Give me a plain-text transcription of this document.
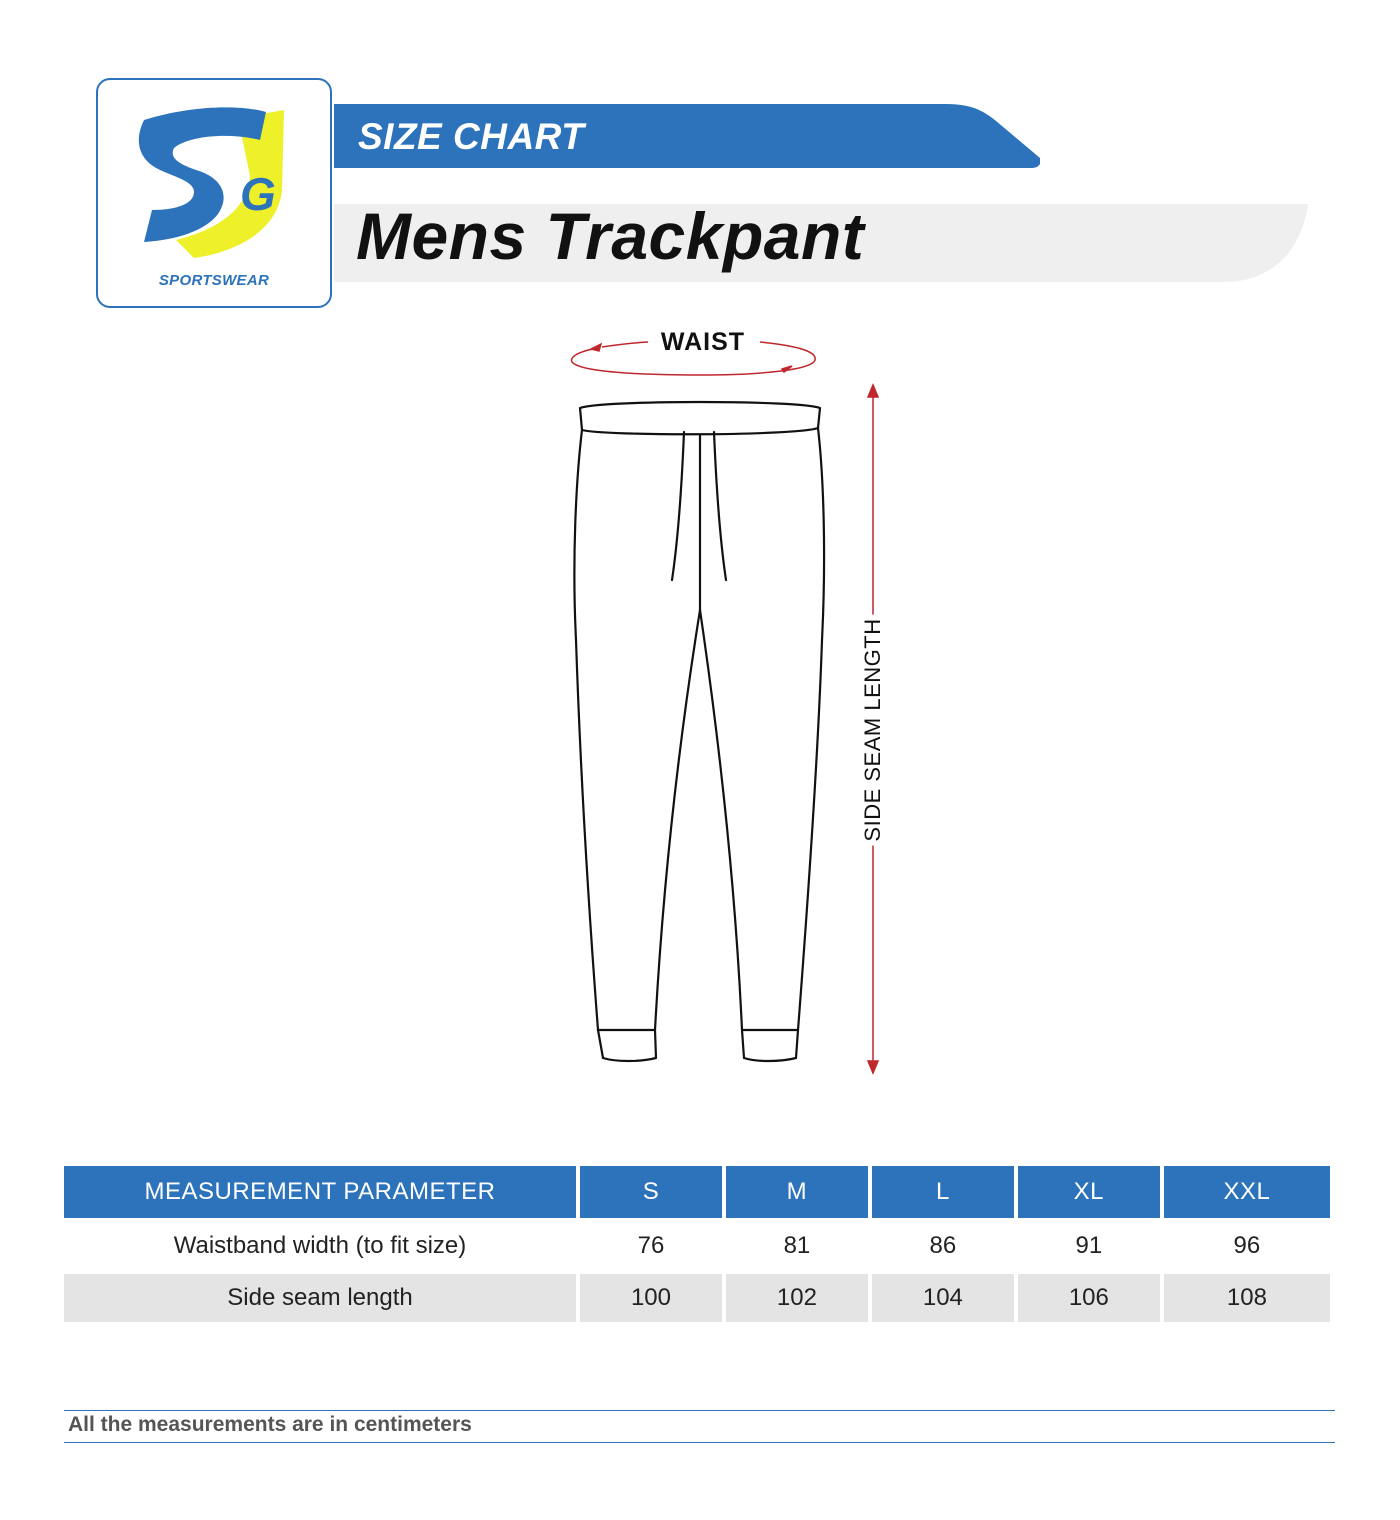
G
SPORTSWEAR
SIZE CHART
Mens Trackpant
WAIST
SIDE SEAM LENGTH
MEASUREMENT PARAMETER	S	M	L	XL	XXL
Waistband width (to fit size)	76	81	86	91	96
Side seam length	100	102	104	106	108
All the measurements are in centimeters
